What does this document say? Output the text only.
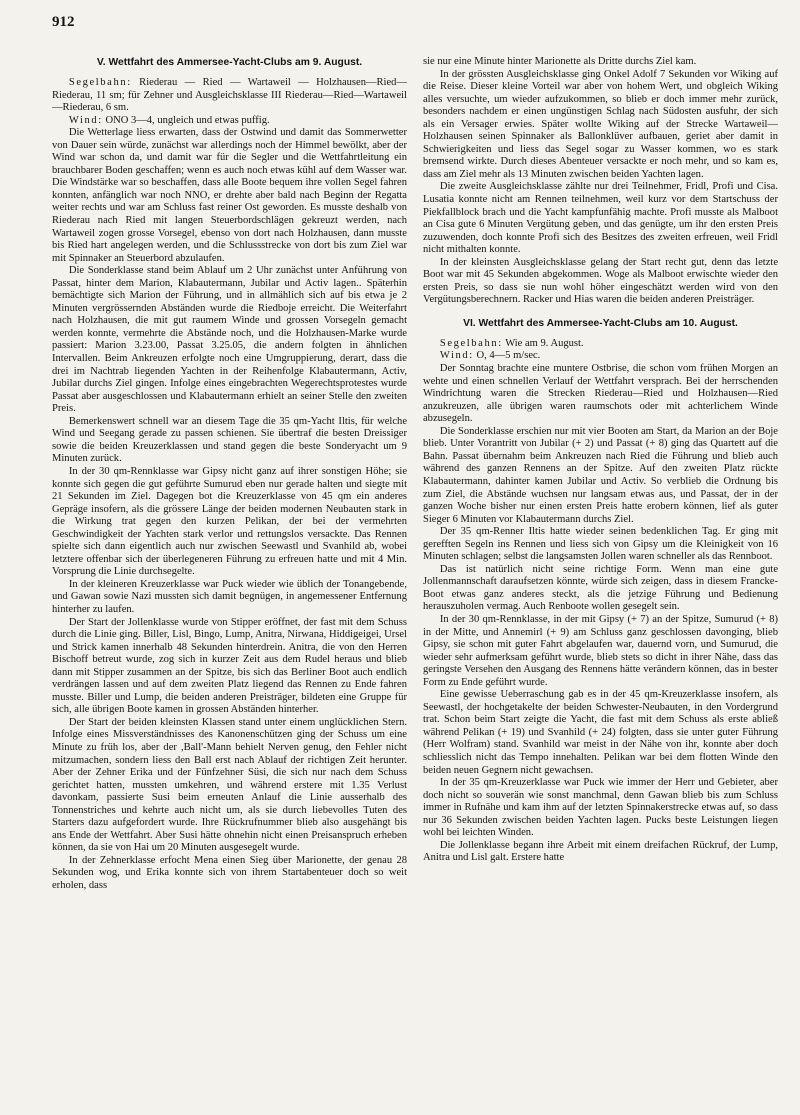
912
V. Wettfahrt des Ammersee-Yacht-Clubs am 9. August.

Segelbahn: Riederau — Ried — Wartaweil — Holzhausen—Ried—Riederau, 11 sm; für Zehner und Ausgleichsklasse III Riederau—Ried—Wartaweil—Riederau, 6 sm.

Wind: ONO 3—4, ungleich und etwas puffig.

Die Wetterlage liess erwarten, dass der Ostwind und damit das Sommerwetter von Dauer sein würde, zunächst war allerdings noch der Himmel bewölkt, aber der Wind war schon da, und damit war für die Segler und die Wettfahrtleitung ein brauchbarer Boden geschaffen; wenn es auch noch etwas kühl auf dem Wasser war. Die Windstärke war so beschaffen, dass alle Boote bequem ihre vollen Segel fahren konnten, anfänglich war noch NNO, er drehte aber bald nach Beginn der Regatta weiter rechts und war am Schluss fast reiner Ost geworden. Es musste deshalb von Riederau nach Ried mit langen Steuerbordschlägen gekreuzt werden, nach Wartaweil zogen grosse Vorsegel, ebenso von dort nach Holzhausen, dann musste bis Ried hart angelegen werden, und die Schlussstrecke von dort bis zum Ziel war mit Spinnaker an Steuerbord abzulaufen.

Die Sonderklasse stand beim Ablauf um 2 Uhr zunächst unter Anführung von Passat, hinter dem Marion, Klabautermann, Jubilar und Activ lagen.. Späterhin bemächtigte sich Marion der Führung, und in allmählich sich auf bis etwa je 2 Minuten vergrössernden Abständen wurde die Riedboje erreicht. Die Weiterfahrt nach Holzhausen, die mit gut raumem Winde und grossen Vorsegeln gemacht werden konnte, vermehrte die Abstände noch, und die Holzhausen-Marke wurde passiert: Marion 3.23.00, Passat 3.25.05, die andern folgten in ähnlichen Intervallen. Beim Ankreuzen erfolgte noch eine Umgruppierung, derart, dass die drei im Nachtrab liegenden Yachten in der Reihenfolge Klabautermann, Activ, Jubilar durchs Ziel gingen. Infolge eines eingebrachten Wegerechtsprotestes wurde Passat aber ausgeschlossen und Klabautermann erhielt an seiner Stelle den zweiten Preis.

Bemerkenswert schnell war an diesem Tage die 35 qm-Yacht Iltis, für welche Wind und Seegang gerade zu passen schienen. Sie übertraf die besten Dreissiger sowie die beiden Kreuzerklassen und stand gegen die beste Sonderyacht um 9 Minuten zurück.

In der 30 qm-Rennklasse war Gipsy nicht ganz auf ihrer sonstigen Höhe; sie konnte sich gegen die gut geführte Sumurud eben nur gerade halten und siegte mit 21 Sekunden im Ziel. Dagegen bot die Kreuzerklasse von 45 qm ein anderes Gepräge insofern, als die grössere Länge der beiden modernen Neubauten stark in die Wirkung trat gegen den kurzen Pelikan, der bei der vermehrten Geschwindigkeit der Yachten stark verlor und rettungslos versackte. Das Rennen spielte sich dann eigentlich auch nur zwischen Seewastl und Svanhild ab, wobei letztere offenbar sich der überlegeneren Führung zu erfreuen hatte und mit 4 Min. Vorsprung die Linie durchsegelte.

In der kleineren Kreuzerklasse war Puck wieder wie üblich der Tonangebende, und Gawan sowie Nazi mussten sich damit begnügen, in angemessener Entfernung hinterher zu laufen.

Der Start der Jollenklasse wurde von Stipper eröffnet, der fast mit dem Schuss durch die Linie ging. Biller, Lisl, Bingo, Lump, Anitra, Nirwana, Hiddigeigei, Ursel und Strick kamen innerhalb 48 Sekunden hinterdrein. Anitra, die von den Herren Bischoff betreut wurde, zog sich in kurzer Zeit aus dem Rudel heraus und blieb dann mit Stipper zusammen an der Spitze, bis sich das Berliner Boot auch endlich verdrängen lassen und auf dem zweiten Platz liegend das Rennen zu Ende fahren musste. Biller und Lump, die beiden anderen Preisträger, bildeten eine Gruppe für sich, alle übrigen Boote kamen in grossen Abständen hinterher.

Der Start der beiden kleinsten Klassen stand unter einem unglücklichen Stern. Infolge eines Missverständnisses des Kanonenschützen ging der Schuss um eine Minute zu früh los, aber der ,Ball'-Mann behielt Nerven genug, den Fehler nicht mitzumachen, sondern liess den Ball erst nach Ablauf der richtigen Zeit herunter. Aber der Zehner Erika und der Fünfzehner Süsi, die sich nur nach dem Schuss gerichtet hatten, mussten umkehren, und während erstere mit 1.35 Verlust davonkam, passierte Susi beim erneuten Anlauf die Linie ausserhalb des Tonnenstriches und kehrte auch nicht um, als sie durch liebevolles Tuten des Starters dazu aufgefordert wurde. Ihre Rückrufnummer blieb also ausgehängt bis ans Ende der Wettfahrt. Aber Susi hätte ohnehin nicht einen Preisanspruch erheben können, da sie von Hai um 20 Minuten ausgesegelt wurde.

In der Zehnerklasse erfocht Mena einen Sieg über Marionette, der genau 28 Sekunden wog, und Erika konnte sich von ihrem Startabenteuer doch so weit erholen, dass

sie nur eine Minute hinter Marionette als Dritte durchs Ziel kam.

In der grössten Ausgleichsklasse ging Onkel Adolf 7 Sekunden vor Wiking auf die Reise. Dieser kleine Vorteil war aber von hohem Wert, und obgleich Wiking alles versuchte, um wieder aufzukommen, so blieb er doch immer mehr zurück, besonders nachdem er einen ungünstigen Schlag nach Südosten ausfuhr, der sich als ein Versager erwies. Später wollte Wiking auf der Strecke Wartaweil—Holzhausen seinen Spinnaker als Ballonklüver aufbauen, geriet aber damit in Schwierigkeiten und liess das Segel sogar zu Wasser kommen, wo es stark bremsend wirkte. Durch dieses Abenteuer versackte er noch mehr, und so kam es, dass am Ziel mehr als 13 Minuten zwischen beiden Yachten lagen.

Die zweite Ausgleichsklasse zählte nur drei Teilnehmer, Fridl, Profi und Cisa. Lusatia konnte nicht am Rennen teilnehmen, weil kurz vor dem Startschuss der Piekfallblock brach und die Yacht kampfunfähig machte. Profi musste als Malboot an Cisa gute 6 Minuten Vergütung geben, und das genügte, um ihr den ersten Preis zuzuwenden, doch konnte Profi sich des Besitzes des zweiten erfreuen, weil Fridl nicht mithalten konnte.

In der kleinsten Ausgleichsklasse gelang der Start recht gut, denn das letzte Boot war mit 45 Sekunden abgekommen. Woge als Malboot erwischte wieder den ersten Preis, so dass sie nun wohl höher eingeschätzt werden wird von den Vergütungsberechnern. Racker und Hias waren die beiden anderen Preisträger.

VI. Wettfahrt des Ammersee-Yacht-Clubs am 10. August.

Segelbahn: Wie am 9. August.

Wind: O, 4—5 m/sec.

Der Sonntag brachte eine muntere Ostbrise, die schon vom frühen Morgen an wehte und einen schnellen Verlauf der Wettfahrt versprach. Bei der herrschenden Windrichtung waren die Strecken Riederau—Ried und Holzhausen—Ried anzukreuzen, alle übrigen waren raumschots oder mit achterlichem Winde abzusegeln.

Die Sonderklasse erschien nur mit vier Booten am Start, da Marion an der Boje blieb. Unter Vorantritt von Jubilar (+ 2) und Passat (+ 8) ging das Quartett auf die Bahn. Passat übernahm beim Ankreuzen nach Ried die Führung und blieb auch während des ganzen Rennens an der Spitze. Auf den zweiten Platz rückte Klabautermann, dahinter kamen Jubilar und Activ. So verblieb die Ordnung bis zum Ziel, die Abstände wuchsen nur langsam etwas aus, und Passat, der in der ganzen Woche bisher nur einen ersten Preis hatte erobern können, lief als guter Sieger 6 Minuten vor Klabautermann durchs Ziel.

Der 35 qm-Renner Iltis hatte wieder seinen bedenklichen Tag. Er ging mit gerefften Segeln ins Rennen und liess sich von Gipsy um die Kleinigkeit von 16 Minuten schlagen; selbst die langsamsten Jollen waren schneller als das Rennboot.

Das ist natürlich nicht seine richtige Form. Wenn man eine gute Jollenmannschaft daraufsetzen könnte, würde sich zeigen, dass in diesem Francke-Boot etwas ganz anderes steckt, als die jetzige Führung und Bedienung herauszuholen vermag. Auch Renboote wollen gesegelt sein.

In der 30 qm-Rennklasse, in der mit Gipsy (+ 7) an der Spitze, Sumurud (+ 8) in der Mitte, und Annemirl (+ 9) am Schluss ganz geschlossen davonging, blieb Gipsy, sie schon mit guter Fahrt abgelaufen war, dauernd vorn, und Sumurud, die wieder sehr aufmerksam geführt wurde, blieb stets so dicht in ihrer Nähe, dass das geringste Versehen den Ausgang des Rennens hätte verändern können, das in bester Form zu Ende geführt wurde.

Eine gewisse Ueberraschung gab es in der 45 qm-Kreuzerklasse insofern, als Seewastl, der hochgetakelte der beiden Schwester-Neubauten, in den Vordergrund trat. Schon beim Start zeigte die Yacht, die fast mit dem Schuss als erste abließ während Pelikan (+ 19) und Svanhild (+ 24) folgten, dass sie unter guter Führung (Herr Wolfram) stand. Svanhild war meist in der Nähe von ihr, konnte aber doch schliesslich nicht das Tempo innehalten. Pelikan war bei dem flotten Winde den beiden neuen Gegnern nicht gewachsen.

In der 35 qm-Kreuzerklasse war Puck wie immer der Herr und Gebieter, aber doch nicht so souverän wie sonst manchmal, denn Gawan blieb bis zum Schluss immer in Rufnähe und kam ihm auf der letzten Spinnakerstrecke etwas auf, so dass nur 36 Sekunden zwischen beiden Yachten lagen. Pucks beste Leistungen liegen wohl bei leichten Winden.

Die Jollenklasse begann ihre Arbeit mit einem dreifachen Rückruf, der Lump, Anitra und Lisl galt. Erstere hatte
